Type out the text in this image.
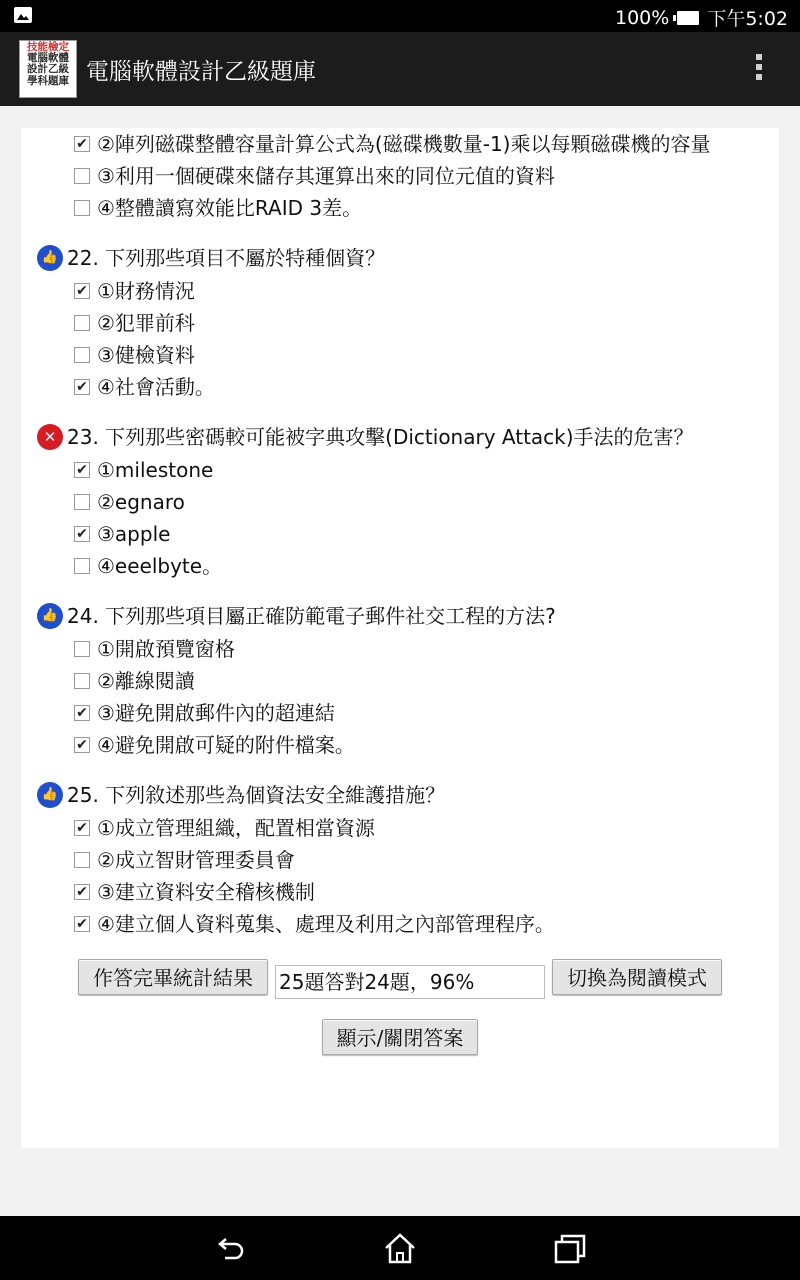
100% 下午5:02
技能檢定
電腦軟體
設計乙級
學科題庫 電腦軟體設計乙級題庫
✔ ②陣列磁碟整體容量計算公式為(磁碟機數量-1)乘以每顆磁碟機的容量
③利用一個硬碟來儲存其運算出來的同位元值的資料
④整體讀寫效能比RAID 3差。
👍 22. 下列那些項目不屬於特種個資？
✔ ①財務情況
②犯罪前科
③健檢資料
✔ ④社會活動。
✕ 23. 下列那些密碼較可能被字典攻擊(Dictionary Attack)手法的危害？
✔ ①milestone
②egnaro
✔ ③apple
④eeelbyte。
👍 24. 下列那些項目屬正確防範電子郵件社交工程的方法?
①開啟預覽窗格
②離線閱讀
✔ ③避免開啟郵件內的超連結
✔ ④避免開啟可疑的附件檔案。
👍 25. 下列敘述那些為個資法安全維護措施？
✔ ①成立管理組織，配置相當資源
②成立智財管理委員會
✔ ③建立資料安全稽核機制
✔ ④建立個人資料蒐集、處理及利用之內部管理程序。
作答完畢統計結果	25題答對24題，96%	切換為閱讀模式
顯示/關閉答案
